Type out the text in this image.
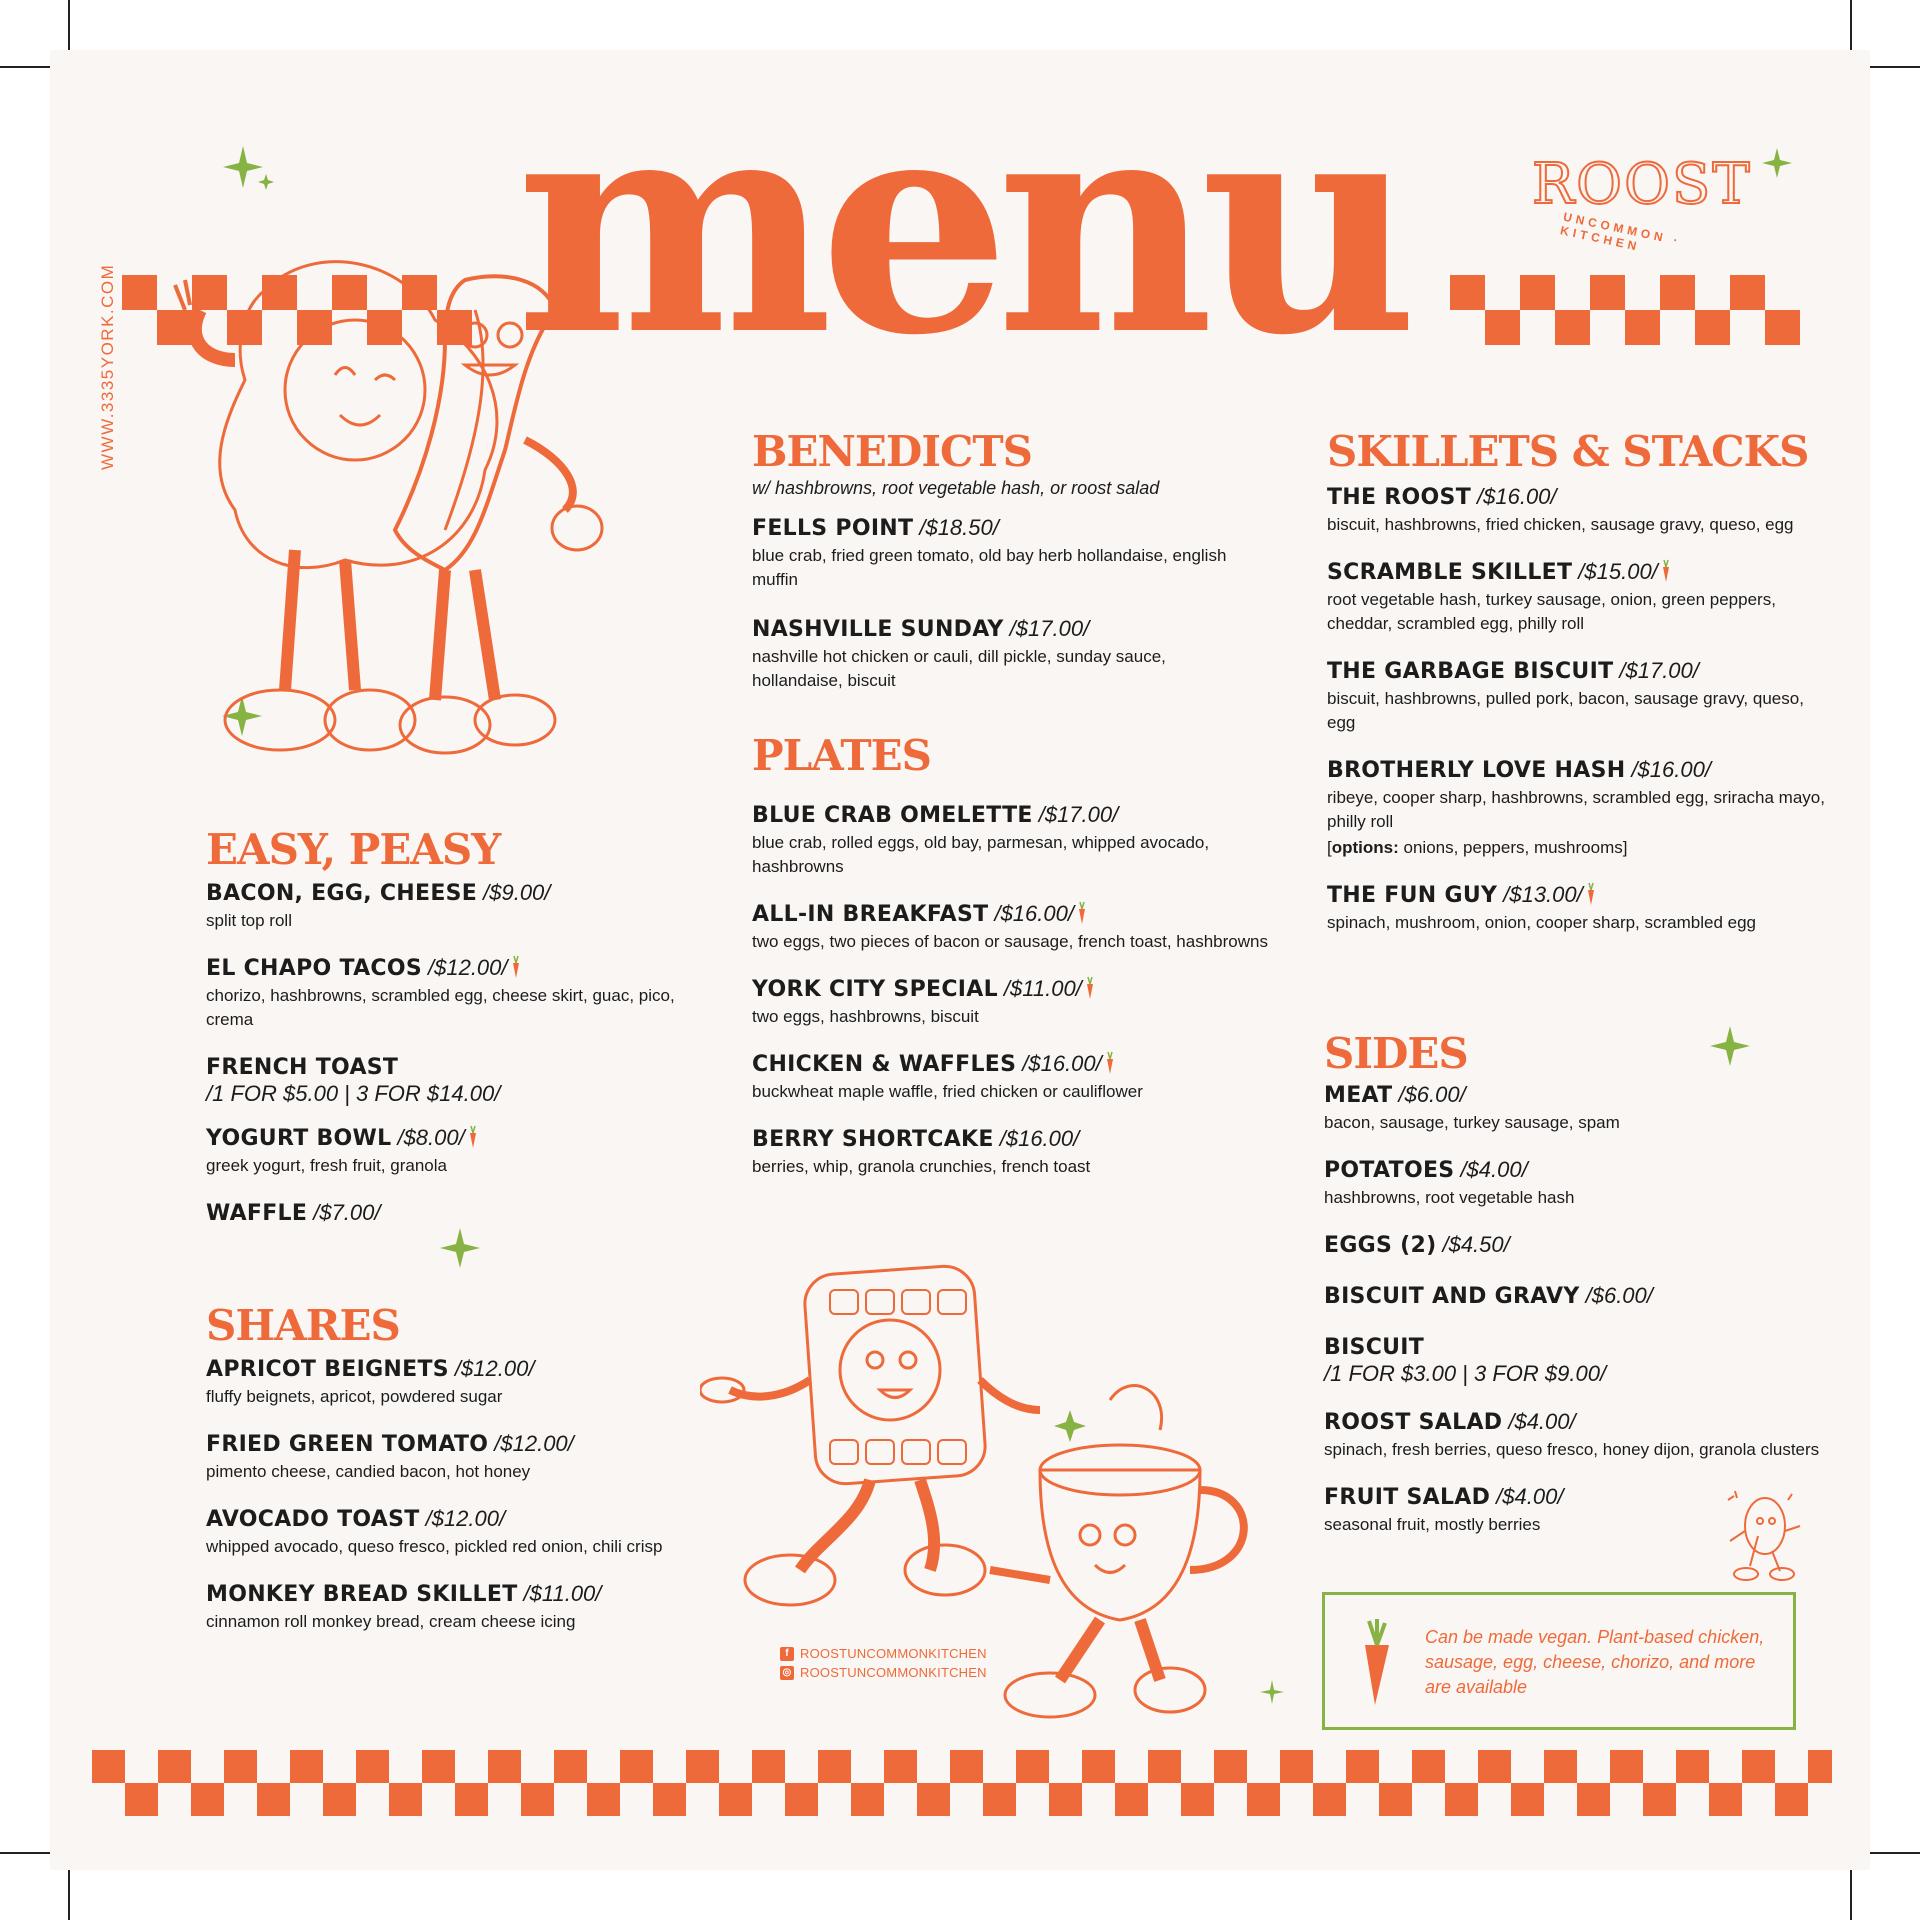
menu	ROOST
UNCOMMON · KITCHEN
WWW.3335YORK.COM	BENEDICTS
w/ hashbrowns, root vegetable hash, or roost salad
FELLS POINT /$18.50/
blue crab, fried green tomato, old bay herb hollandaise, english muffin
NASHVILLE SUNDAY /$17.00/
nashville hot chicken or cauli, dill pickle, sunday sauce, hollandaise, biscuit
PLATES
BLUE CRAB OMELETTE /$17.00/
blue crab, rolled eggs, old bay, parmesan, whipped avocado, hashbrowns
ALL-IN BREAKFAST /$16.00/
two eggs, two pieces of bacon or sausage, french toast, hashbrowns
YORK CITY SPECIAL /$11.00/
two eggs, hashbrowns, biscuit
CHICKEN & WAFFLES /$16.00/
buckwheat maple waffle, fried chicken or cauliflower
BERRY SHORTCAKE /$16.00/
berries, whip, granola crunchies, french toast
EASY, PEASY
BACON, EGG, CHEESE /$9.00/
split top roll
EL CHAPO TACOS /$12.00/
chorizo, hashbrowns, scrambled egg, cheese skirt, guac, pico, crema
FRENCH TOAST
/1 FOR $5.00 | 3 FOR $14.00/
YOGURT BOWL /$8.00/
greek yogurt, fresh fruit, granola
WAFFLE /$7.00/
SHARES
APRICOT BEIGNETS /$12.00/
fluffy beignets, apricot, powdered sugar
FRIED GREEN TOMATO /$12.00/
pimento cheese, candied bacon, hot honey
AVOCADO TOAST /$12.00/
whipped avocado, queso fresco, pickled red onion, chili crisp
MONKEY BREAD SKILLET /$11.00/
cinnamon roll monkey bread, cream cheese icing
SKILLETS & STACKS
THE ROOST /$16.00/
biscuit, hashbrowns, fried chicken, sausage gravy, queso, egg
SCRAMBLE SKILLET /$15.00/
root vegetable hash, turkey sausage, onion, green peppers, cheddar, scrambled egg, philly roll
THE GARBAGE BISCUIT /$17.00/
biscuit, hashbrowns, pulled pork, bacon, sausage gravy, queso, egg
BROTHERLY LOVE HASH /$16.00/
ribeye, cooper sharp, hashbrowns, scrambled egg, sriracha mayo, philly roll
[options: onions, peppers, mushrooms]
THE FUN GUY /$13.00/
spinach, mushroom, onion, cooper sharp, scrambled egg
SIDES
MEAT /$6.00/
bacon, sausage, turkey sausage, spam
POTATOES /$4.00/
hashbrowns, root vegetable hash
EGGS (2) /$4.50/
BISCUIT AND GRAVY /$6.00/
BISCUIT
/1 FOR $3.00 | 3 FOR $9.00/
ROOST SALAD /$4.00/
spinach, fresh berries, queso fresco, honey dijon, granola clusters
FRUIT SALAD /$4.00/
seasonal fruit, mostly berries
Can be made vegan. Plant-based chicken, sausage, egg, cheese, chorizo, and more are available
f ROOSTUNCOMMONKITCHEN
◎ ROOSTUNCOMMONKITCHEN
